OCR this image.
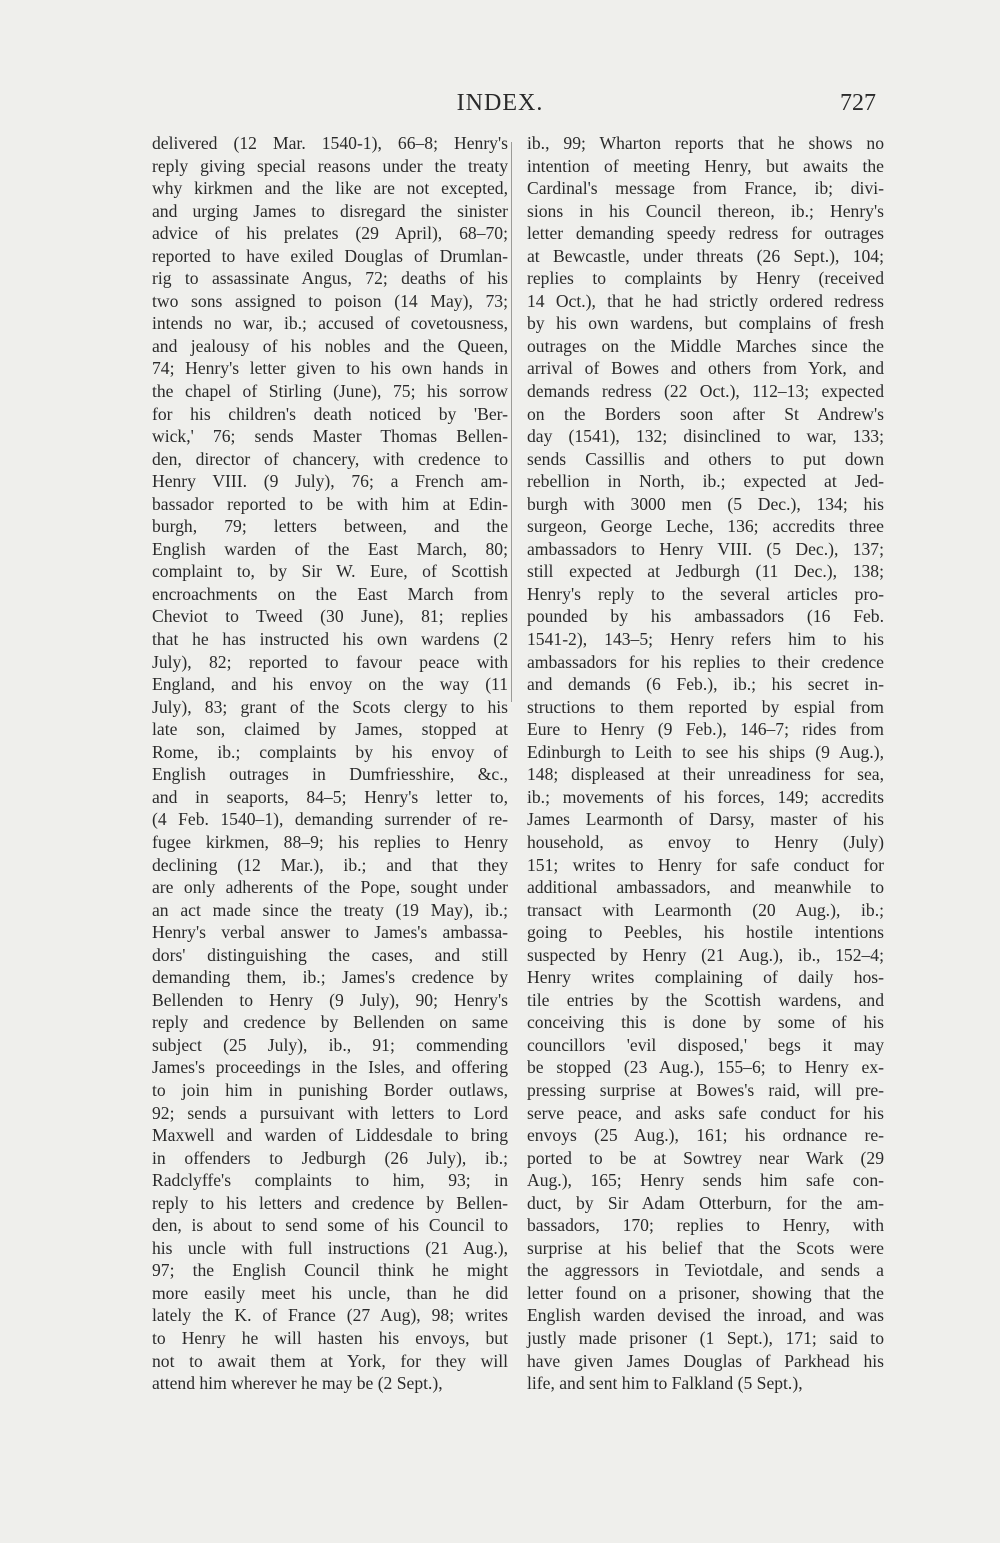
INDEX.	727
delivered (12 Mar. 1540-1), 66–8; Henry's
reply giving special reasons under the treaty
why kirkmen and the like are not excepted,
and urging James to disregard the sinister
advice of his prelates (29 April), 68–70;
reported to have exiled Douglas of Drumlan-
rig to assassinate Angus, 72; deaths of his
two sons assigned to poison (14 May), 73;
intends no war, ib.; accused of covetousness,
and jealousy of his nobles and the Queen,
74; Henry's letter given to his own hands in
the chapel of Stirling (June), 75; his sorrow
for his children's death noticed by 'Ber-
wick,' 76; sends Master Thomas Bellen-
den, director of chancery, with credence to
Henry VIII. (9 July), 76; a French am-
bassador reported to be with him at Edin-
burgh, 79; letters between, and the
English warden of the East March, 80;
complaint to, by Sir W. Eure, of Scottish
encroachments on the East March from
Cheviot to Tweed (30 June), 81; replies
that he has instructed his own wardens (2
July), 82; reported to favour peace with
England, and his envoy on the way (11
July), 83; grant of the Scots clergy to his
late son, claimed by James, stopped at
Rome, ib.; complaints by his envoy of
English outrages in Dumfriesshire, &c.,
and in seaports, 84–5; Henry's letter to,
(4 Feb. 1540–1), demanding surrender of re-
fugee kirkmen, 88–9; his replies to Henry
declining (12 Mar.), ib.; and that they
are only adherents of the Pope, sought under
an act made since the treaty (19 May), ib.;
Henry's verbal answer to James's ambassa-
dors' distinguishing the cases, and still
demanding them, ib.; James's credence by
Bellenden to Henry (9 July), 90; Henry's
reply and credence by Bellenden on same
subject (25 July), ib., 91; commending
James's proceedings in the Isles, and offering
to join him in punishing Border outlaws,
92; sends a pursuivant with letters to Lord
Maxwell and warden of Liddesdale to bring
in offenders to Jedburgh (26 July), ib.;
Radclyffe's complaints to him, 93; in
reply to his letters and credence by Bellen-
den, is about to send some of his Council to
his uncle with full instructions (21 Aug.),
97; the English Council think he might
more easily meet his uncle, than he did
lately the K. of France (27 Aug), 98; writes
to Henry he will hasten his envoys, but
not to await them at York, for they will
attend him wherever he may be (2 Sept.),
ib., 99; Wharton reports that he shows no
intention of meeting Henry, but awaits the
Cardinal's message from France, ib; divi-
sions in his Council thereon, ib.; Henry's
letter demanding speedy redress for outrages
at Bewcastle, under threats (26 Sept.), 104;
replies to complaints by Henry (received
14 Oct.), that he had strictly ordered redress
by his own wardens, but complains of fresh
outrages on the Middle Marches since the
arrival of Bowes and others from York, and
demands redress (22 Oct.), 112–13; expected
on the Borders soon after St Andrew's
day (1541), 132; disinclined to war, 133;
sends Cassillis and others to put down
rebellion in North, ib.; expected at Jed-
burgh with 3000 men (5 Dec.), 134; his
surgeon, George Leche, 136; accredits three
ambassadors to Henry VIII. (5 Dec.), 137;
still expected at Jedburgh (11 Dec.), 138;
Henry's reply to the several articles pro-
pounded by his ambassadors (16 Feb.
1541-2), 143–5; Henry refers him to his
ambassadors for his replies to their credence
and demands (6 Feb.), ib.; his secret in-
structions to them reported by espial from
Eure to Henry (9 Feb.), 146–7; rides from
Edinburgh to Leith to see his ships (9 Aug.),
148; displeased at their unreadiness for sea,
ib.; movements of his forces, 149; accredits
James Learmonth of Darsy, master of his
household, as envoy to Henry (July)
151; writes to Henry for safe conduct for
additional ambassadors, and meanwhile to
transact with Learmonth (20 Aug.), ib.;
going to Peebles, his hostile intentions
suspected by Henry (21 Aug.), ib., 152–4;
Henry writes complaining of daily hos-
tile entries by the Scottish wardens, and
conceiving this is done by some of his
councillors 'evil disposed,' begs it may
be stopped (23 Aug.), 155–6; to Henry ex-
pressing surprise at Bowes's raid, will pre-
serve peace, and asks safe conduct for his
envoys (25 Aug.), 161; his ordnance re-
ported to be at Sowtrey near Wark (29
Aug.), 165; Henry sends him safe con-
duct, by Sir Adam Otterburn, for the am-
bassadors, 170; replies to Henry, with
surprise at his belief that the Scots were
the aggressors in Teviotdale, and sends a
letter found on a prisoner, showing that the
English warden devised the inroad, and was
justly made prisoner (1 Sept.), 171; said to
have given James Douglas of Parkhead his
life, and sent him to Falkland (5 Sept.),
